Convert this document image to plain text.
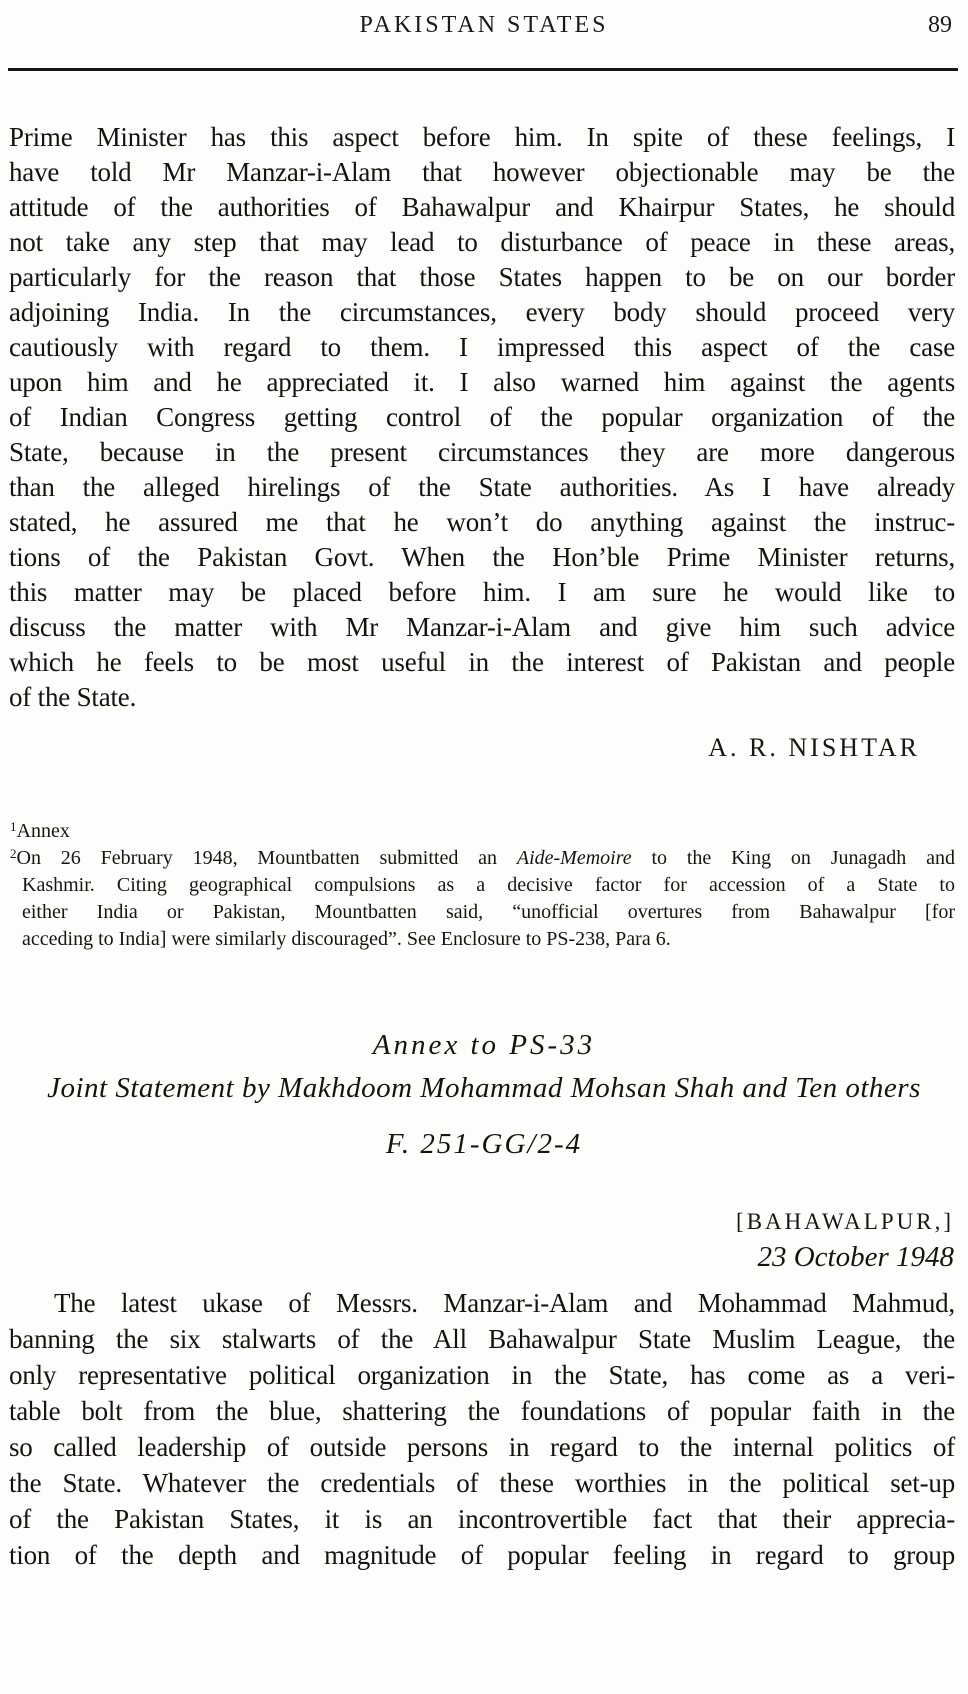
PAKISTAN STATES	89
Prime Minister has this aspect before him. In spite of these feelings, I
have told Mr Manzar-i-Alam that however objectionable may be the
attitude of the authorities of Bahawalpur and Khairpur States, he should
not take any step that may lead to disturbance of peace in these areas,
particularly for the reason that those States happen to be on our border
adjoining India. In the circumstances, every body should proceed very
cautiously with regard to them. I impressed this aspect of the case
upon him and he appreciated it. I also warned him against the agents
of Indian Congress getting control of the popular organization of the
State, because in the present circumstances they are more dangerous
than the alleged hirelings of the State authorities. As I have already
stated, he assured me that he won’t do anything against the instruc-
tions of the Pakistan Govt. When the Hon’ble Prime Minister returns,
this matter may be placed before him. I am sure he would like to
discuss the matter with Mr Manzar-i-Alam and give him such advice
which he feels to be most useful in the interest of Pakistan and people
of the State.
A. R. NISHTAR
$^1$Annex
$^2$On 26 February 1948, Mountbatten submitted an Aide-Memoire to the King on Junagadh and
Kashmir. Citing geographical compulsions as a decisive factor for accession of a State to
either India or Pakistan, Mountbatten said, “unofficial overtures from Bahawalpur [for
acceding to India] were similarly discouraged”. See Enclosure to PS-238, Para 6.
Annex to PS-33
Joint Statement by Makhdoom Mohammad Mohsan Shah and Ten others
F. 251-GG/2-4
[BAHAWALPUR,]
23 October 1948
The latest ukase of Messrs. Manzar-i-Alam and Mohammad Mahmud,
banning the six stalwarts of the All Bahawalpur State Muslim League, the
only representative political organization in the State, has come as a veri-
table bolt from the blue, shattering the foundations of popular faith in the
so called leadership of outside persons in regard to the internal politics of
the State. Whatever the credentials of these worthies in the political set-up
of the Pakistan States, it is an incontrovertible fact that their apprecia-
tion of the depth and magnitude of popular feeling in regard to group
